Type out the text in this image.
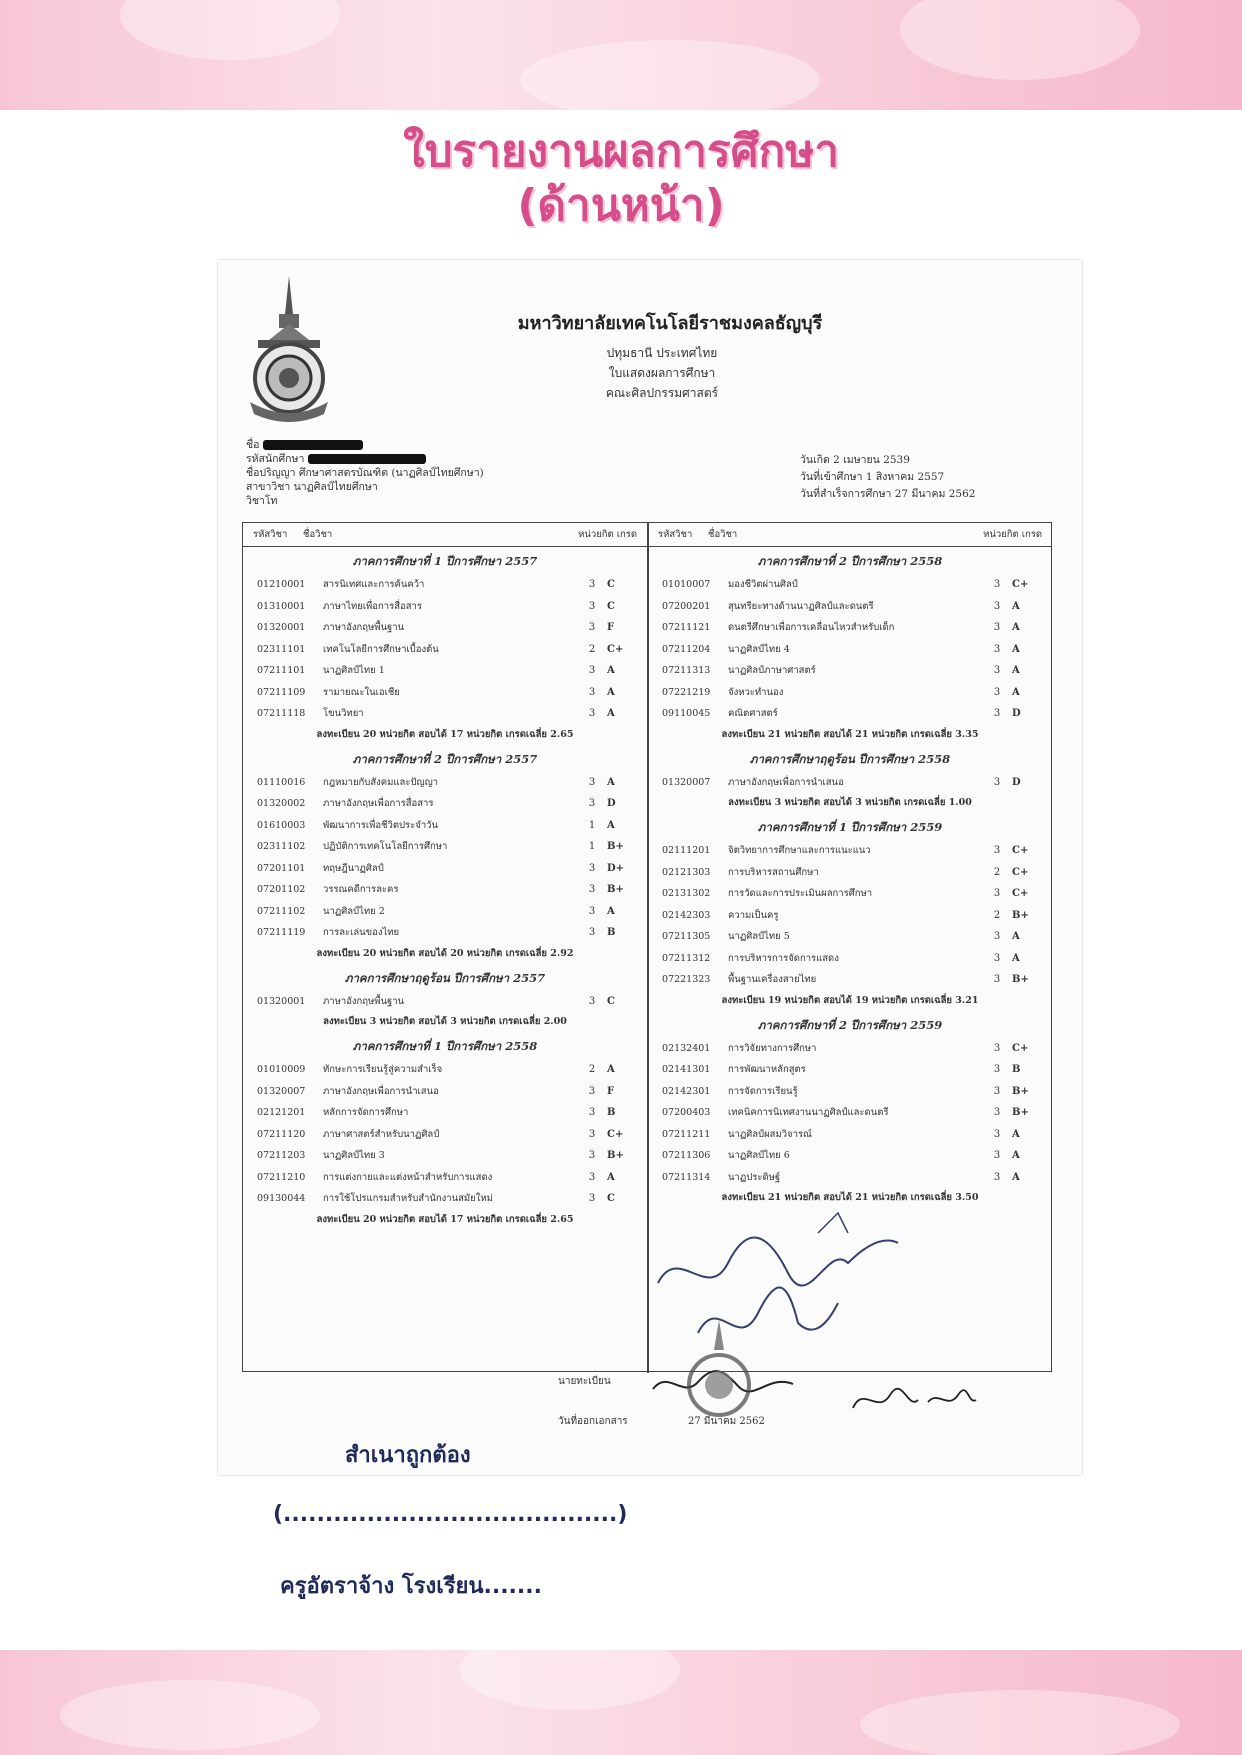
ใบรายงานผลการศึกษา
(ด้านหน้า)
มหาวิทยาลัยเทคโนโลยีราชมงคลธัญบุรี
ปทุมธานี ประเทศไทย
ใบแสดงผลการศึกษา
คณะศิลปกรรมศาสตร์
ชื่อ
รหัสนักศึกษา
ชื่อปริญญา ศึกษาศาสตรบัณฑิต (นาฏศิลป์ไทยศึกษา)
สาขาวิชา นาฏศิลป์ไทยศึกษา
วิชาโท
วันเกิด 2 เมษายน 2539
วันที่เข้าศึกษา 1 สิงหาคม 2557
วันที่สำเร็จการศึกษา 27 มีนาคม 2562
รหัสวิชา	ชื่อวิชา	หน่วยกิต เกรด
ภาคการศึกษาที่ 1 ปีการศึกษา 2557
01210001	สารนิเทศและการค้นคว้า	3	C
01310001	ภาษาไทยเพื่อการสื่อสาร	3	C
01320001	ภาษาอังกฤษพื้นฐาน	3	F
02311101	เทคโนโลยีการศึกษาเบื้องต้น	2	C+
07211101	นาฏศิลป์ไทย 1	3	A
07211109	รามายณะในเอเชีย	3	A
07211118	โขนวิทยา	3	A
ลงทะเบียน 20 หน่วยกิต สอบได้ 17 หน่วยกิต เกรดเฉลี่ย 2.65
ภาคการศึกษาที่ 2 ปีการศึกษา 2557
01110016	กฎหมายกับสังคมและปัญญา	3	A
01320002	ภาษาอังกฤษเพื่อการสื่อสาร	3	D
01610003	พัฒนาการเพื่อชีวิตประจำวัน	1	A
02311102	ปฏิบัติการเทคโนโลยีการศึกษา	1	B+
07201101	ทฤษฎีนาฏศิลป์	3	D+
07201102	วรรณคดีการละคร	3	B+
07211102	นาฏศิลป์ไทย 2	3	A
07211119	การละเล่นของไทย	3	B
ลงทะเบียน 20 หน่วยกิต สอบได้ 20 หน่วยกิต เกรดเฉลี่ย 2.92
ภาคการศึกษาฤดูร้อน ปีการศึกษา 2557
01320001	ภาษาอังกฤษพื้นฐาน	3	C
ลงทะเบียน 3 หน่วยกิต สอบได้ 3 หน่วยกิต เกรดเฉลี่ย 2.00
ภาคการศึกษาที่ 1 ปีการศึกษา 2558
01010009	ทักษะการเรียนรู้สู่ความสำเร็จ	2	A
01320007	ภาษาอังกฤษเพื่อการนำเสนอ	3	F
02121201	หลักการจัดการศึกษา	3	B
07211120	ภาษาศาสตร์สำหรับนาฏศิลป์	3	C+
07211203	นาฏศิลป์ไทย 3	3	B+
07211210	การแต่งกายและแต่งหน้าสำหรับการแสดง	3	A
09130044	การใช้โปรแกรมสำหรับสำนักงานสมัยใหม่	3	C
ลงทะเบียน 20 หน่วยกิต สอบได้ 17 หน่วยกิต เกรดเฉลี่ย 2.65
รหัสวิชา	ชื่อวิชา	หน่วยกิต เกรด
ภาคการศึกษาที่ 2 ปีการศึกษา 2558
01010007	มองชีวิตผ่านศิลป์	3	C+
07200201	สุนทรียะทางด้านนาฏศิลป์และดนตรี	3	A
07211121	ดนตรีศึกษาเพื่อการเคลื่อนไหวสำหรับเด็ก	3	A
07211204	นาฏศิลป์ไทย 4	3	A
07211313	นาฏศิลป์ภาษาศาสตร์	3	A
07221219	จังหวะทำนอง	3	A
09110045	คณิตศาสตร์	3	D
ลงทะเบียน 21 หน่วยกิต สอบได้ 21 หน่วยกิต เกรดเฉลี่ย 3.35
ภาคการศึกษาฤดูร้อน ปีการศึกษา 2558
01320007	ภาษาอังกฤษเพื่อการนำเสนอ	3	D
ลงทะเบียน 3 หน่วยกิต สอบได้ 3 หน่วยกิต เกรดเฉลี่ย 1.00
ภาคการศึกษาที่ 1 ปีการศึกษา 2559
02111201	จิตวิทยาการศึกษาและการแนะแนว	3	C+
02121303	การบริหารสถานศึกษา	2	C+
02131302	การวัดและการประเมินผลการศึกษา	3	C+
02142303	ความเป็นครู	2	B+
07211305	นาฏศิลป์ไทย 5	3	A
07211312	การบริหารการจัดการแสดง	3	A
07221323	พื้นฐานเครื่องสายไทย	3	B+
ลงทะเบียน 19 หน่วยกิต สอบได้ 19 หน่วยกิต เกรดเฉลี่ย 3.21
ภาคการศึกษาที่ 2 ปีการศึกษา 2559
02132401	การวิจัยทางการศึกษา	3	C+
02141301	การพัฒนาหลักสูตร	3	B
02142301	การจัดการเรียนรู้	3	B+
07200403	เทคนิคการนิเทศงานนาฏศิลป์และดนตรี	3	B+
07211211	นาฏศิลป์ผสมวิจารณ์	3	A
07211306	นาฏศิลป์ไทย 6	3	A
07211314	นาฏประดิษฐ์	3	A
ลงทะเบียน 21 หน่วยกิต สอบได้ 21 หน่วยกิต เกรดเฉลี่ย 3.50
นายทะเบียน
วันที่ออกเอกสาร	27 มีนาคม 2562
สำเนาถูกต้อง
(........................................)
ครูอัตราจ้าง โรงเรียน.......
